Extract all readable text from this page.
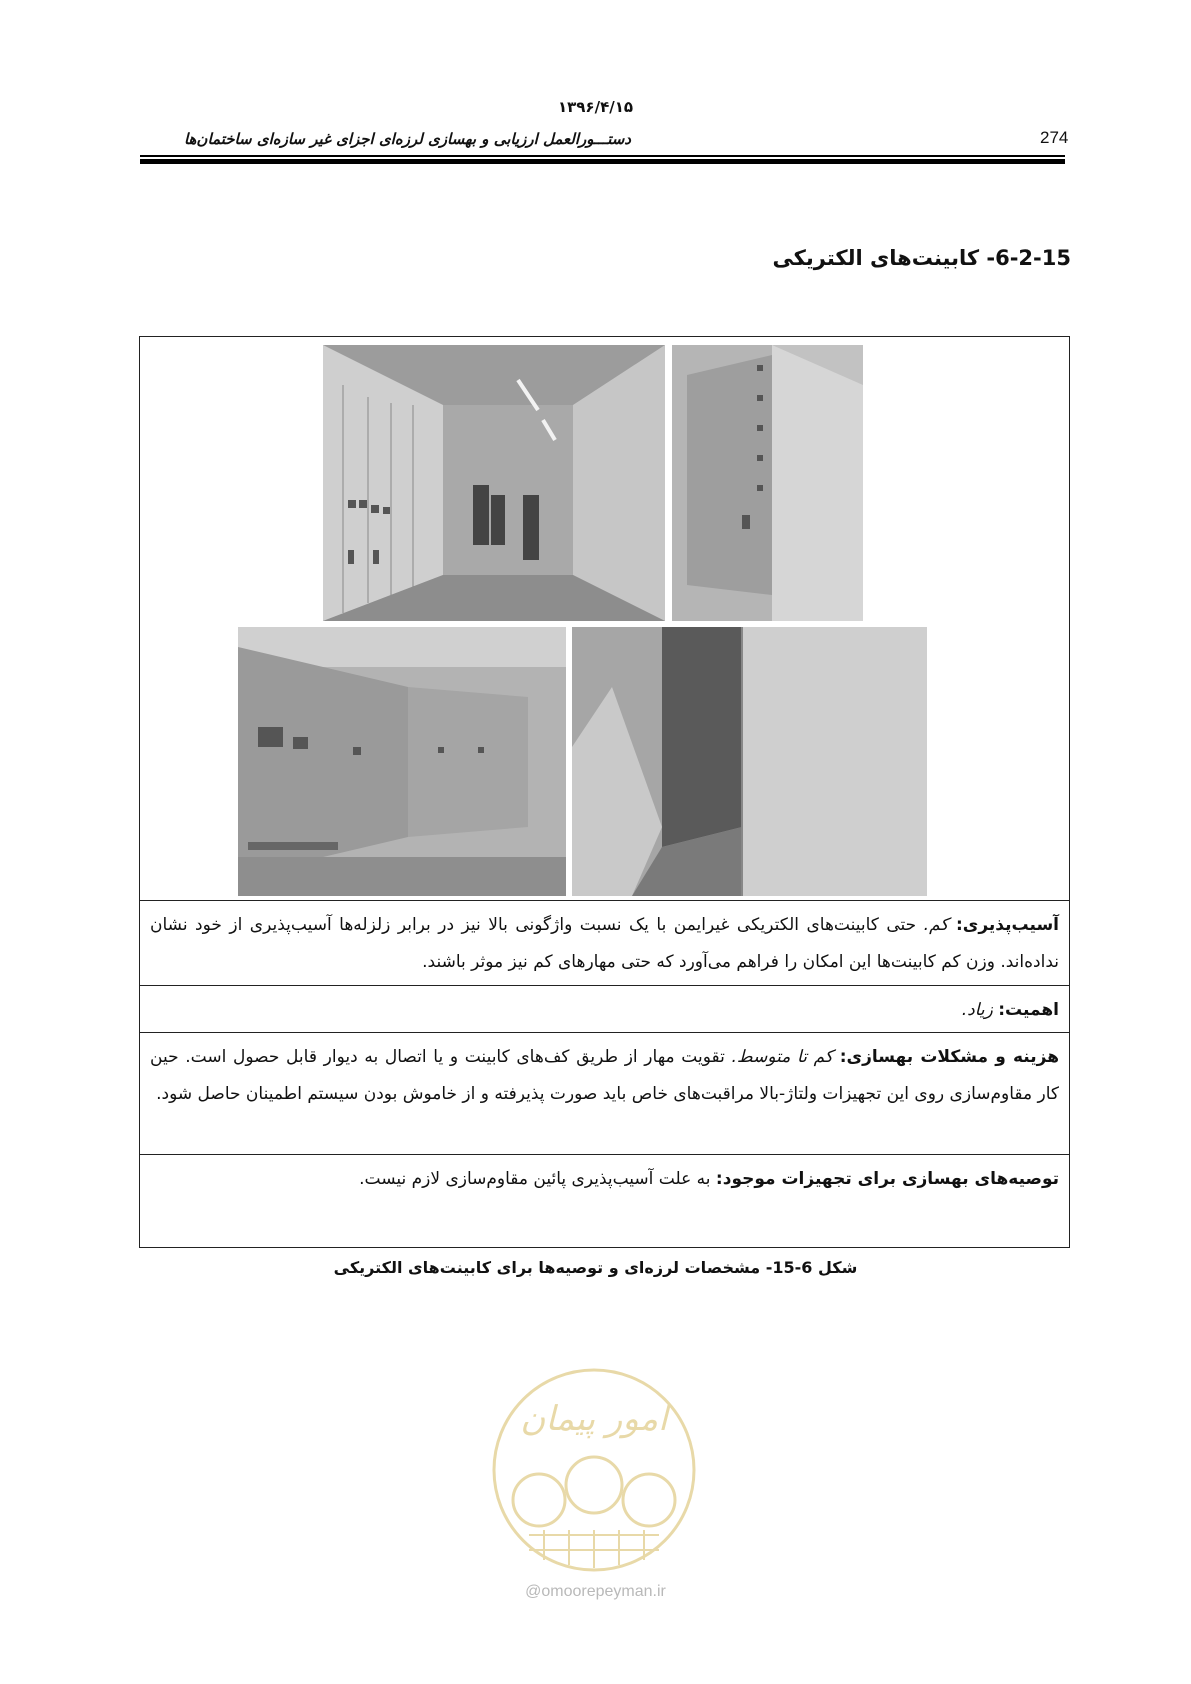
۱۳۹۶/۴/۱۵
دستـــورالعمل ارزیابی و بهسازی لرزه‌ای اجزای غیر سازه‌ای ساختمان‌ها	274
6-2-15- کابینت‌های الکتریکی

آسیب‌پذیری: کم. حتی کابینت‌های الکتریکی غیرایمن با یک نسبت واژگونی بالا نیز در برابر زلزله‌ها آسیب‌پذیری از خود نشان نداده‌اند. وزن کم کابینت‌ها این امکان را فراهم می‌آورد که حتی مهارهای کم نیز موثر باشند.

اهمیت: زیاد.

هزینه و مشکلات بهسازی: کم تا متوسط. تقویت مهار از طریق کف‌های کابینت و یا اتصال به دیوار قابل حصول است. حین کار مقاوم‌سازی روی این تجهیزات ولتاژ-بالا مراقبت‌های خاص باید صورت پذیرفته و از خاموش بودن سیستم اطمینان حاصل شود.

توصیه‌های بهسازی برای تجهیزات موجود: به علت آسیب‌پذیری پائین مقاوم‌سازی لازم نیست.

شکل 6-15- مشخصات لرزه‌ای و توصیه‌ها برای کابینت‌های الکتریکی
امور پیمان
@omoorepeyman.ir
